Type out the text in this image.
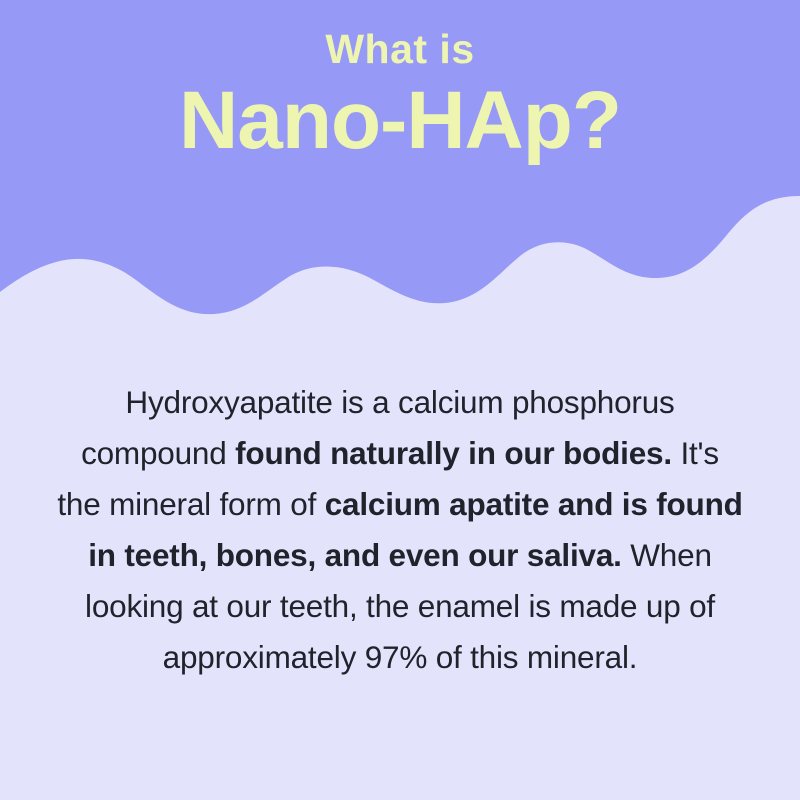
What is
Nano-HAp?

Hydroxyapatite is a calcium phosphorus compound found naturally in our bodies. It's the mineral form of calcium apatite and is found in teeth, bones, and even our saliva. When looking at our teeth, the enamel is made up of approximately 97% of this mineral.
